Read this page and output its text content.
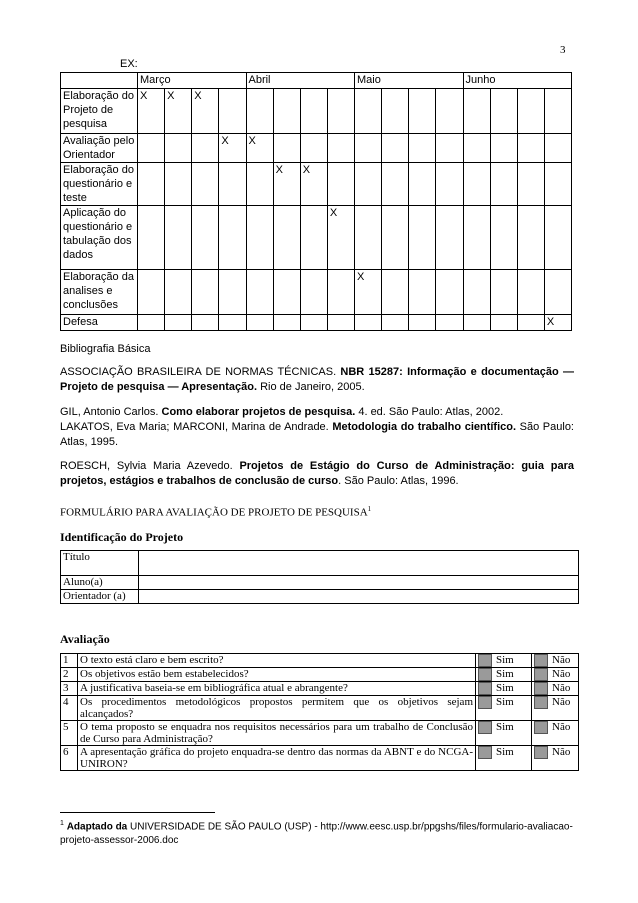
3
EX:
	Março				Abril				Maio				Junho			
Elaboração do Projeto de pesquisa	X	X	X													
Avaliação pelo Orientador				X	X											
Elaboração do questionário e teste						X	X									
Aplicação do questionário e tabulação dos dados								X								
Elaboração da analises e conclusões									X							
Defesa																X
Bibliografia Básica
ASSOCIAÇÃO BRASILEIRA DE NORMAS TÉCNICAS. NBR 15287: Informação e documentação — Projeto de pesquisa — Apresentação. Rio de Janeiro, 2005.
GIL, Antonio Carlos. Como elaborar projetos de pesquisa. 4. ed. São Paulo: Atlas, 2002.
LAKATOS, Eva Maria; MARCONI, Marina de Andrade. Metodologia do trabalho científico. São Paulo: Atlas, 1995.
ROESCH, Sylvia Maria Azevedo. Projetos de Estágio do Curso de Administração: guia para projetos, estágios e trabalhos de conclusão de curso. São Paulo: Atlas, 1996.
FORMULÁRIO PARA AVALIAÇÃO DE PROJETO DE PESQUISA$^1$
Identificação do Projeto
Título	
Aluno(a)	
Orientador (a)	
Avaliação
1	O texto está claro e bem escrito?	Sim	Não
2	Os objetivos estão bem estabelecidos?	Sim	Não
3	A justificativa baseia-se em bibliográfica atual e abrangente?	Sim	Não
4	Os procedimentos metodológicos propostos permitem que os objetivos sejam alcançados?	Sim	Não
5	O tema proposto se enquadra nos requisitos necessários para um trabalho de Conclusão de Curso para Administração?	Sim	Não
6	A apresentação gráfica do projeto enquadra-se dentro das normas da ABNT e do NCGA-UNIRON?	Sim	Não
$^1$ Adaptado da UNIVERSIDADE DE SÃO PAULO (USP) - http://www.eesc.usp.br/ppgshs/files/formulario-avaliacao-projeto-assessor-2006.doc
